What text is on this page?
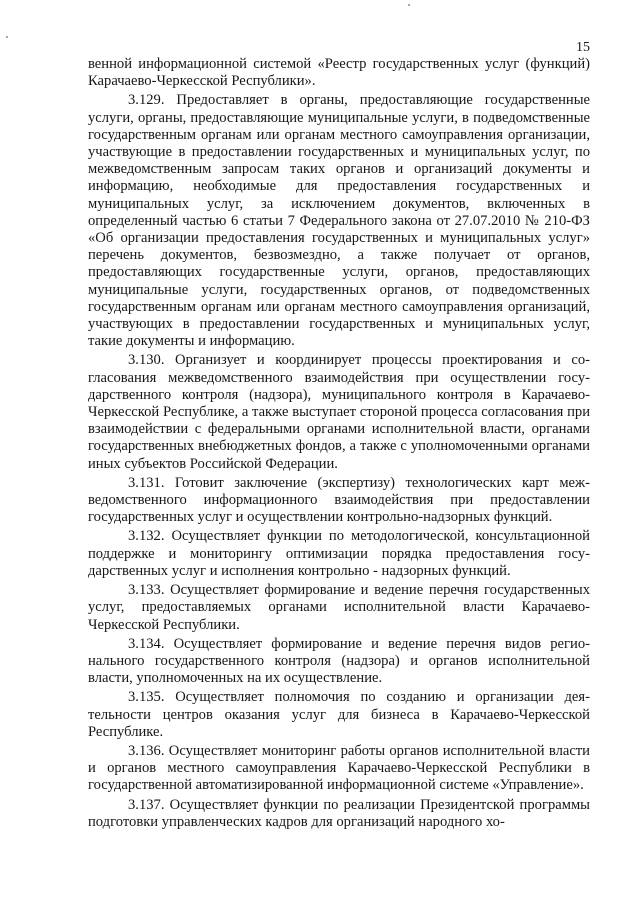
15

венной информационной системой «Реестр государственных услуг (функций) Карачаево-Черкесской Республики».

3.129. Предоставляет в органы, предоставляющие государственные услуги, органы, предоставляющие муниципальные услуги, в подведомственные государственным органам или органам местного самоуправления организации, участвующие в предоставлении государственных и муниципальных услуг, по межведомственным запросам таких органов и организаций документы и информацию, необходимые для предоставления государственных и муниципальных услуг, за исключением документов, включенных в определенный частью 6 статьи 7 Федерального закона от 27.07.2010 № 210-ФЗ «Об организации предоставления государственных и муниципальных услуг» перечень документов, безвозмездно, а также получает от органов, предоставляющих государственные услуги, органов, предоставляющих муниципальные услуги, государственных органов, от подведомственных государственным органам или органам местного самоуправления организаций, участвующих в предоставлении государственных и муниципальных услуг, такие документы и информацию.

3.130. Организует и координирует процессы проектирования и согласования межведомственного взаимодействия при осуществлении государственного контроля (надзора), муниципального контроля в Карачаево-Черкесской Республике, а также выступает стороной процесса согласования при взаимодействии с федеральными органами исполнительной власти, органами государственных внебюджетных фондов, а также с уполномоченными органами иных субъектов Российской Федерации.

3.131. Готовит заключение (экспертизу) технологических карт межведомственного информационного взаимодействия при предоставлении государственных услуг и осуществлении контрольно-надзорных функций.

3.132. Осуществляет функции по методологической, консультационной поддержке и мониторингу оптимизации порядка предоставления государственных услуг и исполнения контрольно - надзорных функций.

3.133. Осуществляет формирование и ведение перечня государственных услуг, предоставляемых органами исполнительной власти Карачаево-Черкесской Республики.

3.134. Осуществляет формирование и ведение перечня видов регионального государственного контроля (надзора) и органов исполнительной власти, уполномоченных на их осуществление.

3.135. Осуществляет полномочия по созданию и организации деятельности центров оказания услуг для бизнеса в Карачаево-Черкесской Республике.

3.136. Осуществляет мониторинг работы органов исполнительной власти и органов местного самоуправления Карачаево-Черкесской Республики в государственной автоматизированной информационной системе «Управление».

3.137. Осуществляет функции по реализации Президентской программы подготовки управленческих кадров для организаций народного хо-
